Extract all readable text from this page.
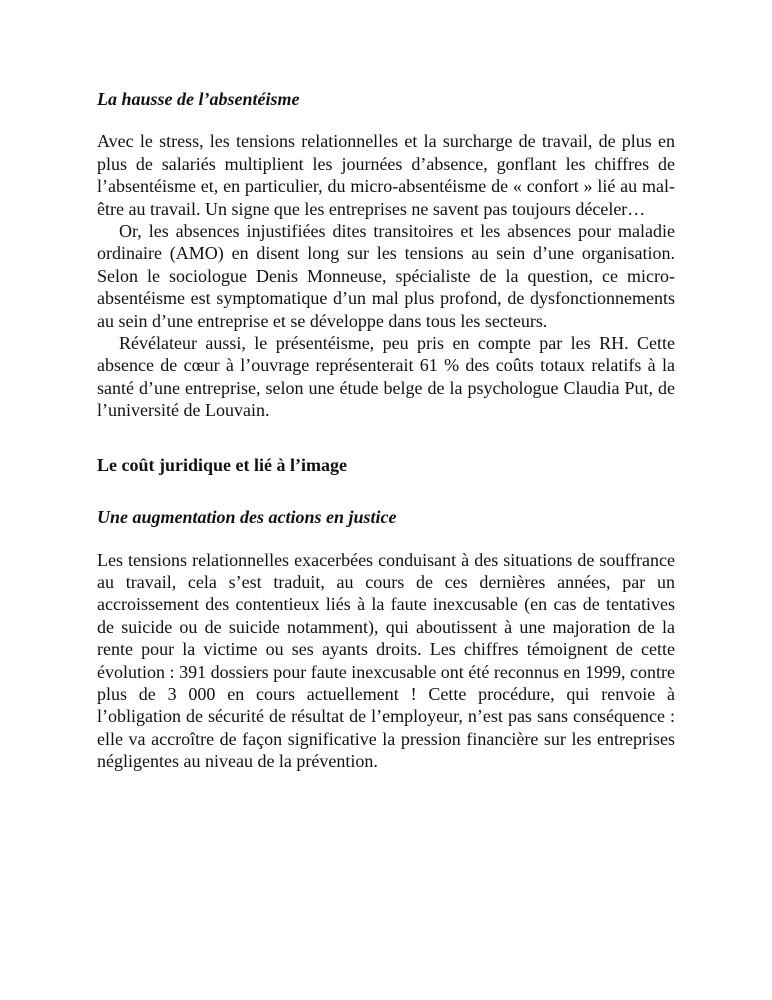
La hausse de l’absentéisme

Avec le stress, les tensions relationnelles et la surcharge de travail, de plus en plus de salariés multiplient les journées d’absence, gonflant les chiffres de l’absentéisme et, en particulier, du micro-absentéisme de « confort » lié au mal-être au travail. Un signe que les entreprises ne savent pas toujours déceler…

Or, les absences injustifiées dites transitoires et les absences pour maladie ordinaire (AMO) en disent long sur les tensions au sein d’une organisation. Selon le sociologue Denis Monneuse, spécialiste de la question, ce micro-absentéisme est symptomatique d’un mal plus profond, de dysfonctionnements au sein d’une entreprise et se développe dans tous les secteurs.

Révélateur aussi, le présentéisme, peu pris en compte par les RH. Cette absence de cœur à l’ouvrage représenterait 61 % des coûts totaux relatifs à la santé d’une entreprise, selon une étude belge de la psychologue Claudia Put, de l’université de Louvain.

Le coût juridique et lié à l’image

Une augmentation des actions en justice

Les tensions relationnelles exacerbées conduisant à des situations de souffrance au travail, cela s’est traduit, au cours de ces dernières années, par un accroissement des contentieux liés à la faute inexcusable (en cas de tentatives de suicide ou de suicide notamment), qui aboutissent à une majoration de la rente pour la victime ou ses ayants droits. Les chiffres témoignent de cette évolution : 391 dossiers pour faute inexcusable ont été reconnus en 1999, contre plus de 3 000 en cours actuellement ! Cette procédure, qui renvoie à l’obligation de sécurité de résultat de l’employeur, n’est pas sans conséquence : elle va accroître de façon significative la pression financière sur les entreprises négligentes au niveau de la prévention.
